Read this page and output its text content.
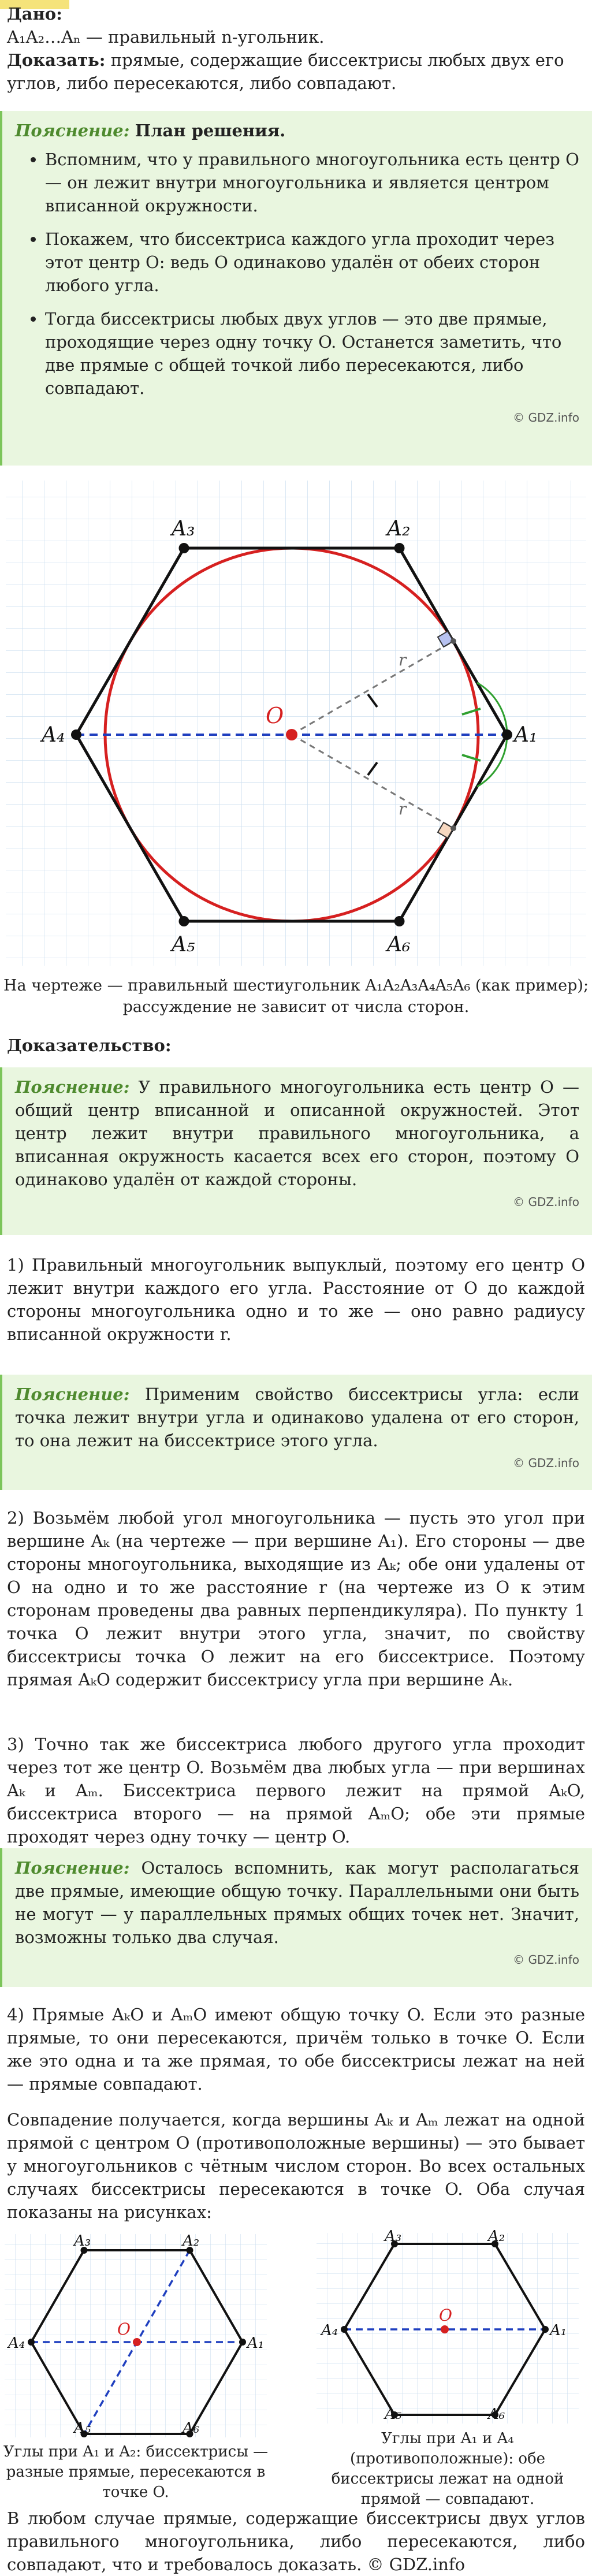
Дано:
A₁A₂…Aₙ — правильный n-угольник.
Доказать: прямые, содержащие биссектрисы любых двух его углов, либо пересекаются, либо совпадают.
Пояснение: План решения.
• Вспомним, что у правильного многоугольника есть центр O — он лежит внутри многоугольника и является центром вписанной окружности.
• Покажем, что биссектриса каждого угла проходит через этот центр O: ведь O одинаково удалён от обеих сторон любого угла.
• Тогда биссектрисы любых двух углов — это две прямые, проходящие через одну точку O. Останется заметить, что две прямые с общей точкой либо пересекаются, либо совпадают.
© GDZ.info
A₁
A₂
A₃
A₄
A₅	A₆
O
r
r
На чертеже — правильный шестиугольник A₁A₂A₃A₄A₅A₆ (как пример);
рассуждение не зависит от числа сторон.
Доказательство:
Пояснение: У правильного многоугольника есть центр O — общий центр вписанной и описанной окружностей. Этот центр лежит внутри правильного многоугольника, а вписанная окружность касается всех его сторон, поэтому O одинаково удалён от каждой стороны.
© GDZ.info
1) Правильный многоугольник выпуклый, поэтому его центр O лежит внутри каждого его угла. Расстояние от O до каждой стороны многоугольника одно и то же — оно равно радиусу вписанной окружности r.
Пояснение: Применим свойство биссектрисы угла: если точка лежит внутри угла и одинаково удалена от его сторон, то она лежит на биссектрисе этого угла.
© GDZ.info
2) Возьмём любой угол многоугольника — пусть это угол при вершине Aₖ (на чертеже — при вершине A₁). Его стороны — две стороны многоугольника, выходящие из Aₖ; обе они удалены от O на одно и то же расстояние r (на чертеже из O к этим сторонам проведены два равных перпендикуляра). По пункту 1 точка O лежит внутри этого угла, значит, по свойству биссектрисы точка O лежит на его биссектрисе. Поэтому прямая AₖO содержит биссектрису угла при вершине Aₖ.
3) Точно так же биссектриса любого другого угла проходит через тот же центр O. Возьмём два любых угла — при вершинах Aₖ и Aₘ. Биссектриса первого лежит на прямой AₖO, биссектриса второго — на прямой AₘO; обе эти прямые проходят через одну точку — центр O.
Пояснение: Осталось вспомнить, как могут располагаться две прямые, имеющие общую точку. Параллельными они быть не могут — у параллельных прямых общих точек нет. Значит, возможны только два случая.
© GDZ.info
4) Прямые AₖO и AₘO имеют общую точку O. Если это разные прямые, то они пересекаются, причём только в точке O. Если же это одна и та же прямая, то обе биссектрисы лежат на ней — прямые совпадают.
Совпадение получается, когда вершины Aₖ и Aₘ лежат на одной прямой с центром O (противоположные вершины) — это бывает у многоугольников с чётным числом сторон. Во всех остальных случаях биссектрисы пересекаются в точке O. Оба случая показаны на рисунках:
A₁
A₂
A₃
A₄
A₅	A₆
O
Углы при A₁ и A₂: биссектрисы — разные прямые, пересекаются в точке O.
A₁
A₂
A₃
A₄
A₅	A₆
O
Углы при A₁ и A₄ (противоположные): обе биссектрисы лежат на одной прямой — совпадают.
В любом случае прямые, содержащие биссектрисы двух углов правильного многоугольника, либо пересекаются, либо совпадают, что и требовалось доказать. © GDZ.info
